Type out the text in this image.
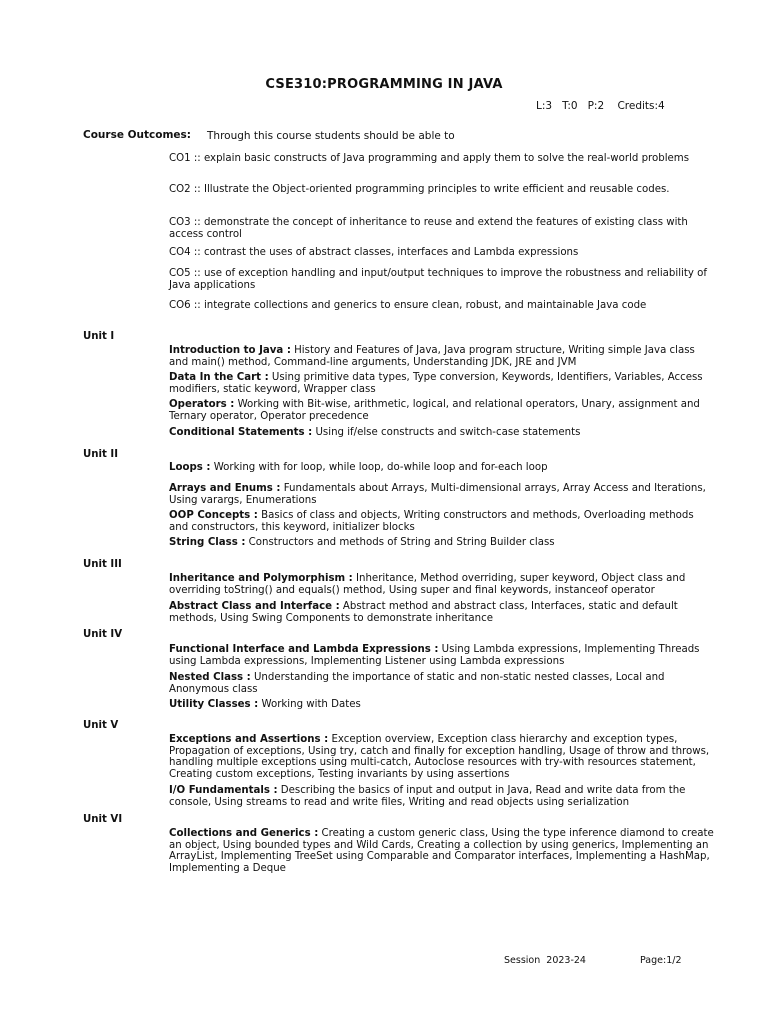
CSE310:PROGRAMMING IN JAVA
L:3   T:0   P:2    Credits:4
Course Outcomes: Through this course students should be able to
CO1 :: explain basic constructs of Java programming and apply them to solve the real-world problems
CO2 :: Illustrate the Object-oriented programming principles to write efficient and reusable codes.
CO3 :: demonstrate the concept of inheritance to reuse and extend the features of existing class with access control
CO4 :: contrast the uses of abstract classes, interfaces and Lambda expressions
CO5 :: use of exception handling and input/output techniques to improve the robustness and reliability of Java applications
CO6 :: integrate collections and generics to ensure clean, robust, and maintainable Java code
Unit I
Introduction to Java : History and Features of Java, Java program structure, Writing simple Java class and main() method, Command-line arguments, Understanding JDK, JRE and JVM
Data In the Cart : Using primitive data types, Type conversion, Keywords, Identifiers, Variables, Access modifiers, static keyword, Wrapper class
Operators : Working with Bit-wise, arithmetic, logical, and relational operators, Unary, assignment and Ternary operator, Operator precedence
Conditional Statements : Using if/else constructs and switch-case statements
Unit II
Loops : Working with for loop, while loop, do-while loop and for-each loop
Arrays and Enums : Fundamentals about Arrays, Multi-dimensional arrays, Array Access and Iterations, Using varargs, Enumerations
OOP Concepts : Basics of class and objects, Writing constructors and methods, Overloading methods and constructors, this keyword, initializer blocks
String Class : Constructors and methods of String and String Builder class
Unit III
Inheritance and Polymorphism : Inheritance, Method overriding, super keyword, Object class and overriding toString() and equals() method, Using super and final keywords, instanceof operator
Abstract Class and Interface : Abstract method and abstract class, Interfaces, static and default methods, Using Swing Components to demonstrate inheritance
Unit IV
Functional Interface and Lambda Expressions : Using Lambda expressions, Implementing Threads using Lambda expressions, Implementing Listener using Lambda expressions
Nested Class : Understanding the importance of static and non-static nested classes, Local and Anonymous class
Utility Classes : Working with Dates
Unit V
Exceptions and Assertions : Exception overview, Exception class hierarchy and exception types, Propagation of exceptions, Using try, catch and finally for exception handling, Usage of throw and throws, handling multiple exceptions using multi-catch, Autoclose resources with try-with resources statement, Creating custom exceptions, Testing invariants by using assertions
I/O Fundamentals : Describing the basics of input and output in Java, Read and write data from the console, Using streams to read and write files, Writing and read objects using serialization
Unit VI
Collections and Generics : Creating a custom generic class, Using the type inference diamond to create an object, Using bounded types and Wild Cards, Creating a collection by using generics, Implementing an ArrayList, Implementing TreeSet using Comparable and Comparator interfaces, Implementing a HashMap, Implementing a Deque
Session  2023-24	Page:1/2
